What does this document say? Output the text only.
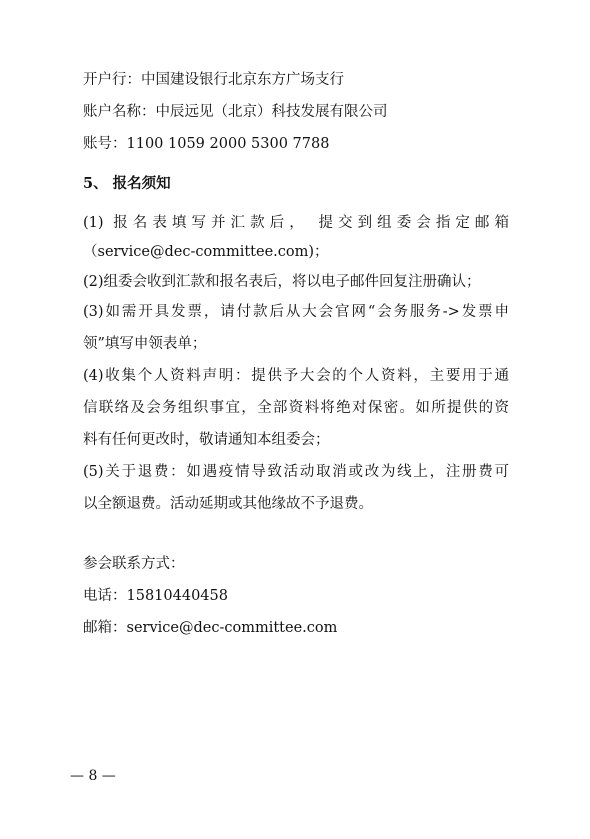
开户行：中国建设银行北京东方广场支行
账户名称：中辰远见（北京）科技发展有限公司
账号：1100 1059 2000 5300 7788
5、 报名须知
(1) 报名表填写并汇款后， 提交到组委会指定邮箱
（service@dec-committee.com)；
(2)组委会收到汇款和报名表后，将以电子邮件回复注册确认；
(3)如需开具发票，请付款后从大会官网“会务服务->发票申
领”填写申领表单；
(4)收集个人资料声明：提供予大会的个人资料，主要用于通
信联络及会务组织事宜，全部资料将绝对保密。如所提供的资
料有任何更改时，敬请通知本组委会；
(5)关于退费：如遇疫情导致活动取消或改为线上，注册费可
以全额退费。活动延期或其他缘故不予退费。
参会联系方式：
电话：15810440458
邮箱：service@dec-committee.com
— 8 —
